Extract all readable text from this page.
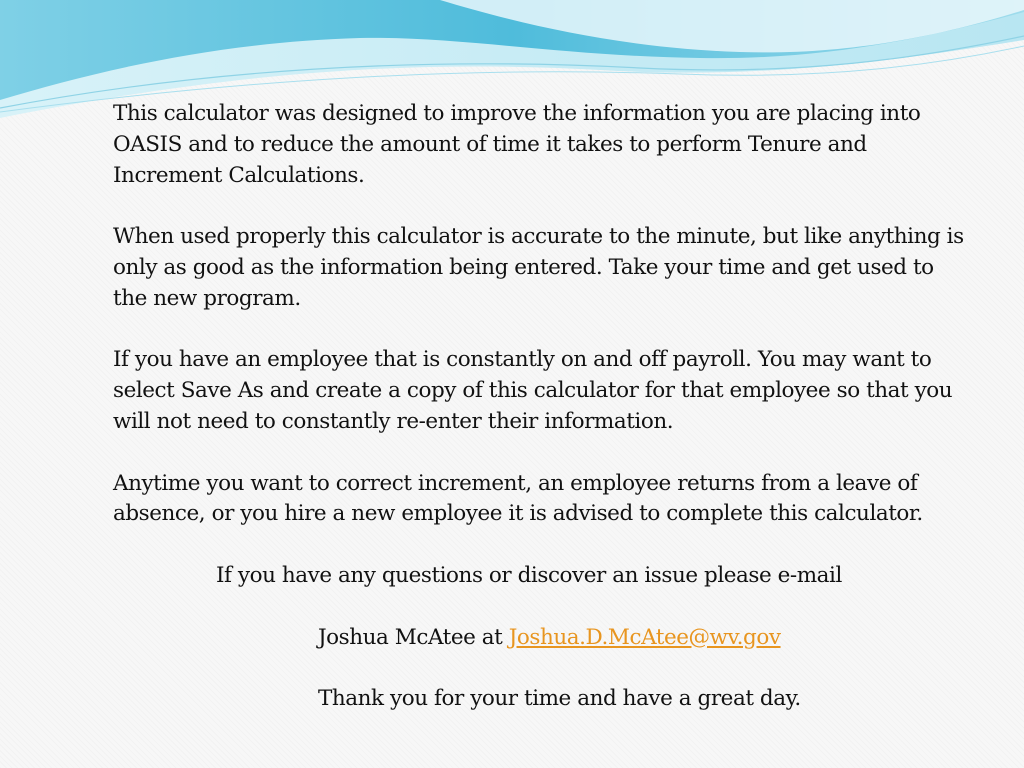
This calculator was designed to improve the information you are placing into OASIS and to reduce the amount of time it takes to perform Tenure and Increment Calculations.

When used properly this calculator is accurate to the minute, but like anything is only as good as the information being entered. Take your time and get used to the new program.

If you have an employee that is constantly on and off payroll. You may want to select Save As and create a copy of this calculator for that employee so that you will not need to constantly re-enter their information.

Anytime you want to correct increment, an employee returns from a leave of absence, or you hire a new employee it is advised to complete this calculator.

If you have any questions or discover an issue please e-mail

Joshua McAtee at Joshua.D.McAtee@wv.gov

Thank you for your time and have a great day.
